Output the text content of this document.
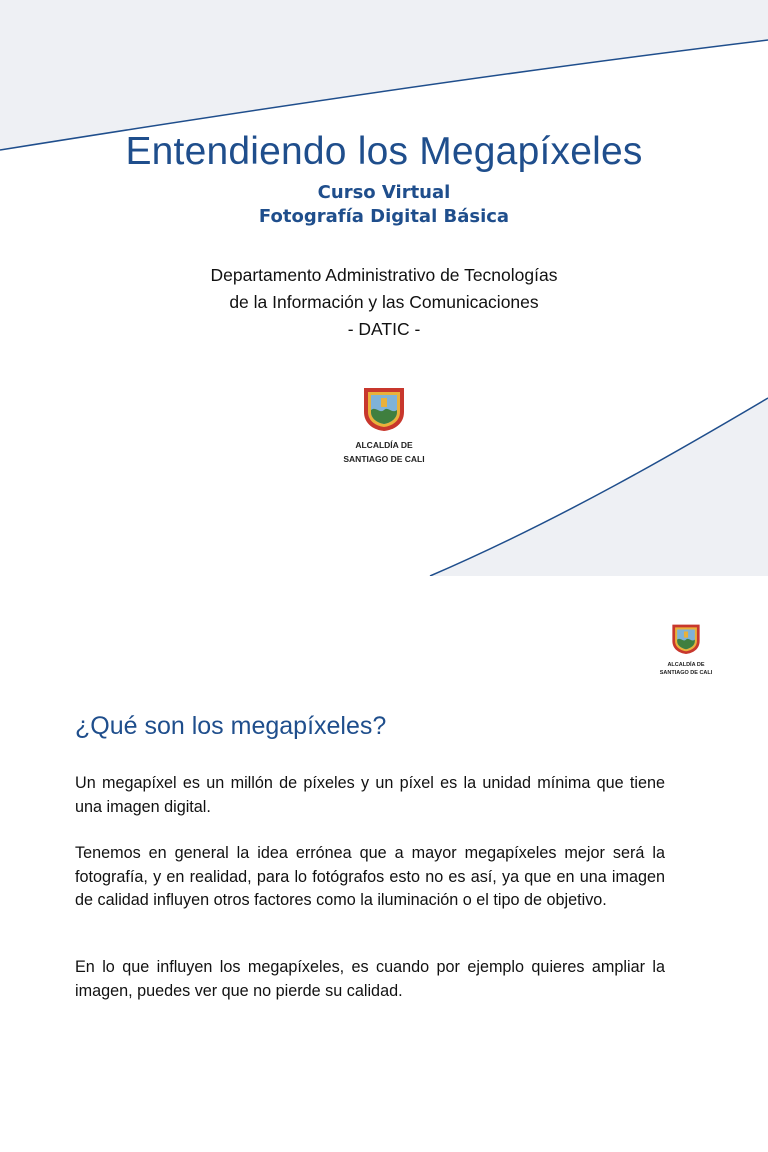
Entendiendo los Megapíxeles
Curso Virtual
Fotografía Digital Básica
Departamento Administrativo de Tecnologías
de la Información y las Comunicaciones
- DATIC -
ALCALDÍA DE
SANTIAGO DE CALI
ALCALDÍA DE
SANTIAGO DE CALI
¿Qué son los megapíxeles?

Un megapíxel es un millón de píxeles y un píxel es la unidad mínima que tiene una imagen digital.

Tenemos en general la idea errónea que a mayor megapíxeles mejor será la fotografía, y en realidad, para lo fotógrafos esto no es así, ya que en una imagen de calidad influyen otros factores como la iluminación o el tipo de objetivo.

En lo que influyen los megapíxeles, es cuando por ejemplo quieres ampliar la imagen, puedes ver que no pierde su calidad.
